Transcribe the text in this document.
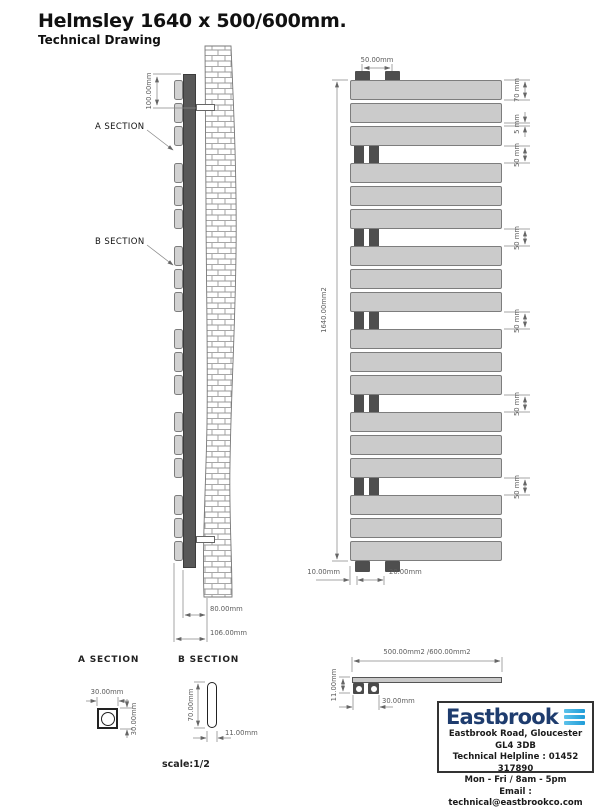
Helmsley 1640 x 500/600mm.
Technical Drawing
A SECTION
B SECTION
A SECTION	B SECTION
scale:1/2
100.00mm
80.00mm
106.00mm
50.00mm
1640.00mm2
70 mm
5 mm
50 mm
50 mm
50 mm
50 mm
50 mm
10.00mm	20.00mm
500.00mm2 /600.00mm2
11.00mm	30.00mm
30.00mm
30.00mm	70.00mm
11.00mm
Eastbrook
Eastbrook Road, Gloucester GL4 3DB
Technical Helpline : 01452 317890
Mon - Fri / 8am - 5pm
Email : technical@eastbrookco.com
